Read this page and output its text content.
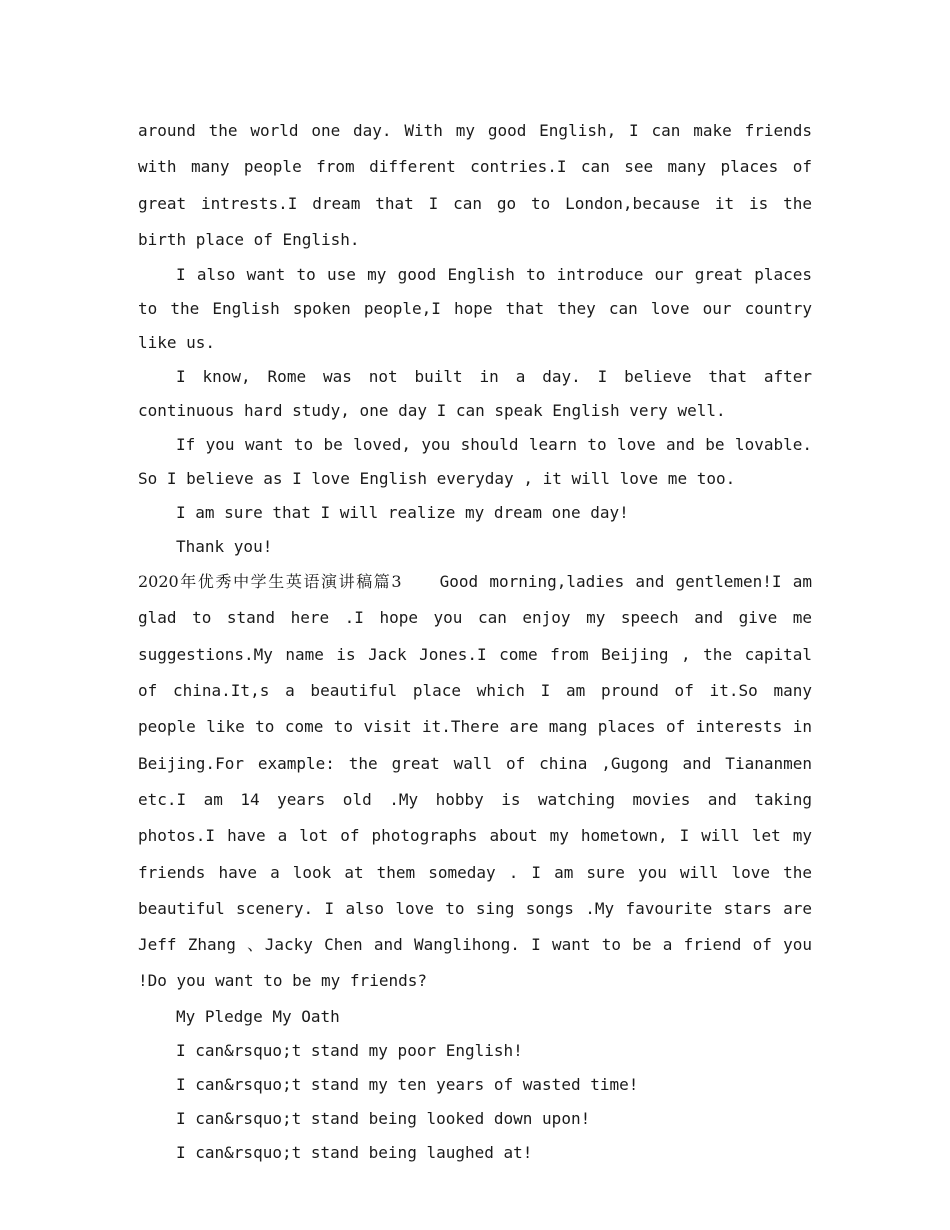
around the world one day. With my good English, I can make friends with many people from different contries.I can see many places of great intrests.I dream that I can go to London,because it is the birth place of English.

I also want to use my good English to introduce our great places to the English spoken people,I hope that they can love our country like us.

I know, Rome was not built in a day. I believe that after continuous hard study, one day I can speak English very well.

If you want to be loved, you should learn to love and be lovable. So I believe as I love English everyday , it will love me too.

I am sure that I will realize my dream one day!

Thank you!

2020年优秀中学生英语演讲稿篇3 Good morning,ladies and gentlemen!I am glad to stand here .I hope you can enjoy my speech and give me suggestions.My name is Jack Jones.I come from Beijing , the capital of china.It,s a beautiful place which I am pround of it.So many people like to come to visit it.There are mang places of interests in Beijing.For example: the great wall of china ,Gugong and Tiananmen etc.I am 14 years old .My hobby is watching movies and taking photos.I have a lot of photographs about my hometown, I will let my friends have a look at them someday . I am sure you will love the beautiful scenery. I also love to sing songs .My favourite stars are Jeff Zhang 、Jacky Chen and Wanglihong. I want to be a friend of you !Do you want to be my friends?

My Pledge My Oath

I can&rsquo;t stand my poor English!

I can&rsquo;t stand my ten years of wasted time!

I can&rsquo;t stand being looked down upon!

I can&rsquo;t stand being laughed at!
